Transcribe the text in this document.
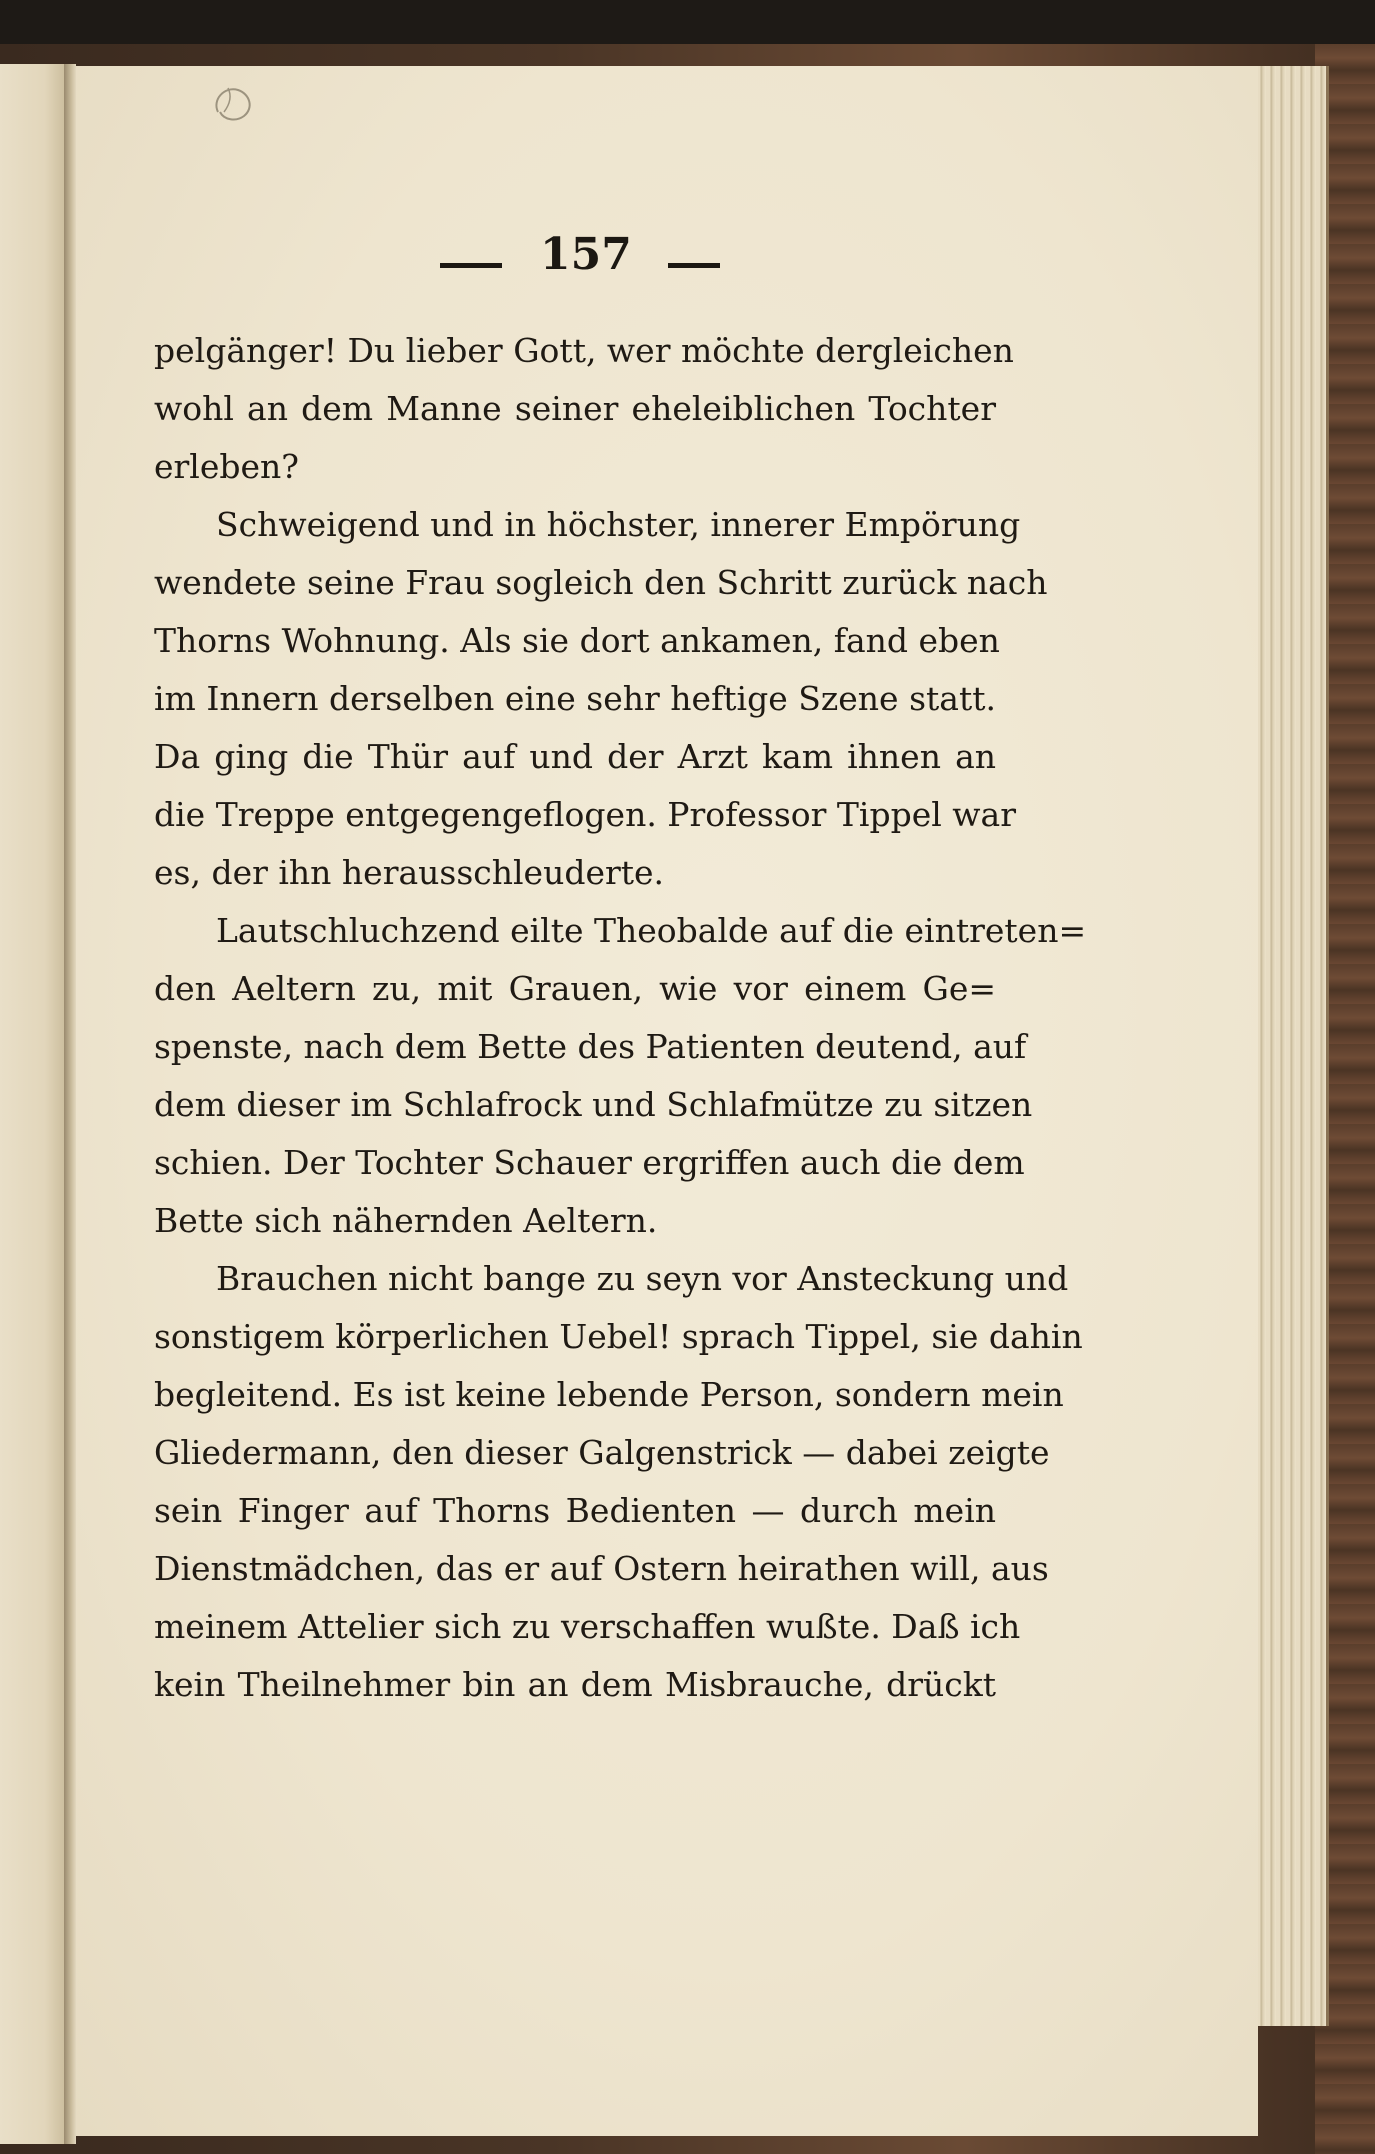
157
pelgänger! Du lieber Gott, wer möchte dergleichen
wohl an dem Manne seiner eheleiblichen Tochter
erleben?
Schweigend und in höchster, innerer Empörung
wendete seine Frau sogleich den Schritt zurück nach
Thorns Wohnung. Als sie dort ankamen, fand eben
im Innern derselben eine sehr heftige Szene statt.
Da ging die Thür auf und der Arzt kam ihnen an
die Treppe entgegengeflogen. Professor Tippel war
es, der ihn herausschleuderte.
Lautschluchzend eilte Theobalde auf die eintreten=
den Aeltern zu, mit Grauen, wie vor einem Ge=
spenste, nach dem Bette des Patienten deutend, auf
dem dieser im Schlafrock und Schlafmütze zu sitzen
schien. Der Tochter Schauer ergriffen auch die dem
Bette sich nähernden Aeltern.
Brauchen nicht bange zu seyn vor Ansteckung und
sonstigem körperlichen Uebel! sprach Tippel, sie dahin
begleitend. Es ist keine lebende Person, sondern mein
Gliedermann, den dieser Galgenstrick — dabei zeigte
sein Finger auf Thorns Bedienten — durch mein
Dienstmädchen, das er auf Ostern heirathen will, aus
meinem Attelier sich zu verschaffen wußte. Daß ich
kein Theilnehmer bin an dem Misbrauche, drückt
